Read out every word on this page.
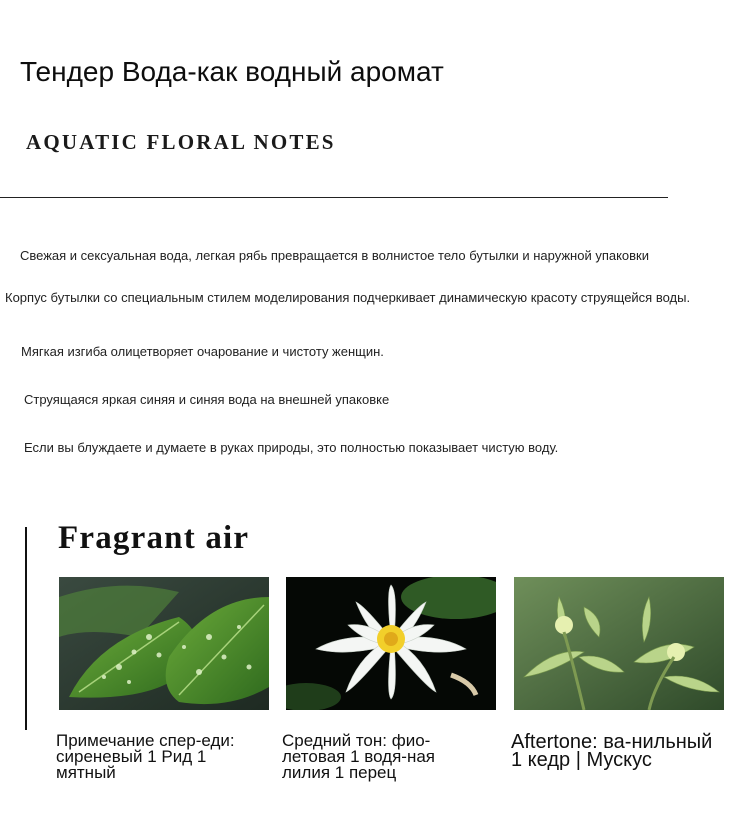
Тендер Вода-как водный аромат
AQUATIC FLORAL NOTES
Свежая и сексуальная вода, легкая рябь превращается в волнистое тело бутылки и наружной упаковки
Корпус бутылки со специальным стилем моделирования подчеркивает динамическую красоту струящейся воды.
Мягкая изгиба олицетворяет очарование и чистоту женщин.
Струящаяся яркая синяя и синяя вода на внешней упаковке
Если вы блуждаете и думаете в руках природы, это полностью показывает чистую воду.
Fragrant air
Примечание спер-еди: сиреневый 1 Рид 1 мятный
Средний тон: фио-летовая 1 водя-ная лилия 1 перец
Aftertone: ва-нильный 1 кедр | Мускус
